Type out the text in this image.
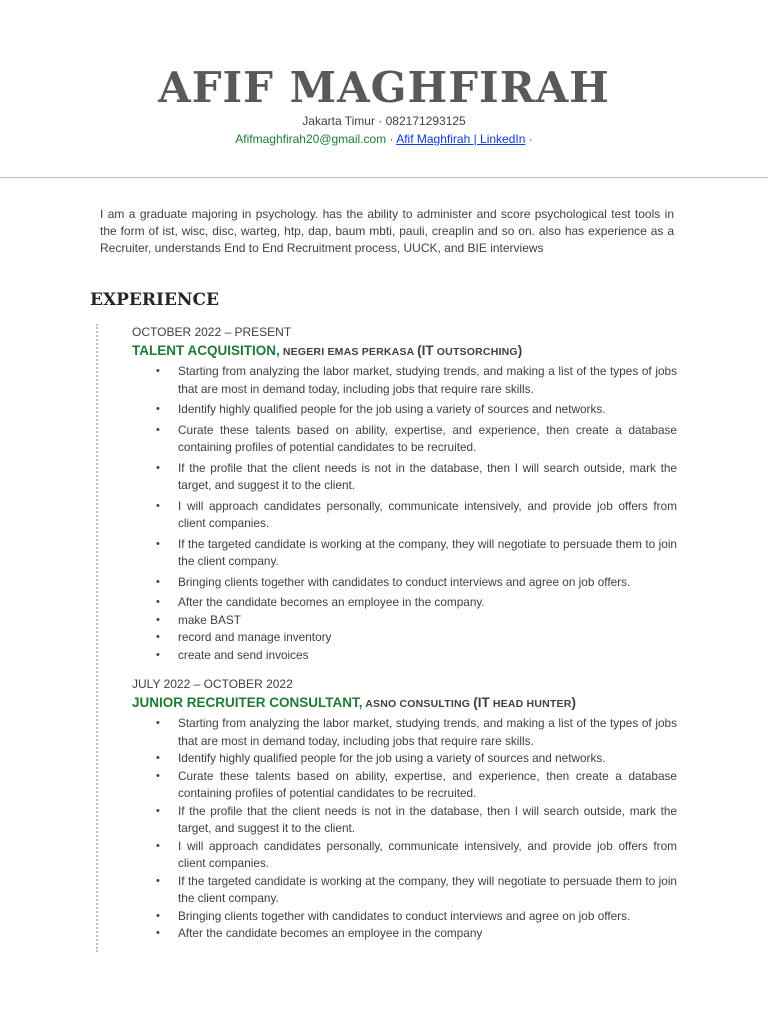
AFIF MAGHFIRAH
Jakarta Timur · 082171293125
Afifmaghfirah20@gmail.com · Afif Maghfirah | LinkedIn ·

I am a graduate majoring in psychology. has the ability to administer and score psychological test tools in the form of ist, wisc, disc, warteg, htp, dap, baum mbti, pauli, creaplin and so on. also has experience as a Recruiter, understands End to End Recruitment process, UUCK, and BIE interviews

EXPERIENCE
OCTOBER 2022 – PRESENT
TALENT ACQUISITION, NEGERI EMAS PERKASA (IT OUTSORCHING)
• Starting from analyzing the labor market, studying trends, and making a list of the types of jobs that are most in demand today, including jobs that require rare skills.
• Identify highly qualified people for the job using a variety of sources and networks.
• Curate these talents based on ability, expertise, and experience, then create a database containing profiles of potential candidates to be recruited.
• If the profile that the client needs is not in the database, then I will search outside, mark the target, and suggest it to the client.
• I will approach candidates personally, communicate intensively, and provide job offers from client companies.
• If the targeted candidate is working at the company, they will negotiate to persuade them to join the client company.
• Bringing clients together with candidates to conduct interviews and agree on job offers.
• After the candidate becomes an employee in the company.
• make BAST
• record and manage inventory
• create and send invoices
JULY 2022 – OCTOBER 2022
JUNIOR RECRUITER CONSULTANT, ASNO CONSULTING (IT HEAD HUNTER)
• Starting from analyzing the labor market, studying trends, and making a list of the types of jobs that are most in demand today, including jobs that require rare skills.
• Identify highly qualified people for the job using a variety of sources and networks.
• Curate these talents based on ability, expertise, and experience, then create a database containing profiles of potential candidates to be recruited.
• If the profile that the client needs is not in the database, then I will search outside, mark the target, and suggest it to the client.
• I will approach candidates personally, communicate intensively, and provide job offers from client companies.
• If the targeted candidate is working at the company, they will negotiate to persuade them to join the client company.
• Bringing clients together with candidates to conduct interviews and agree on job offers.
• After the candidate becomes an employee in the company
